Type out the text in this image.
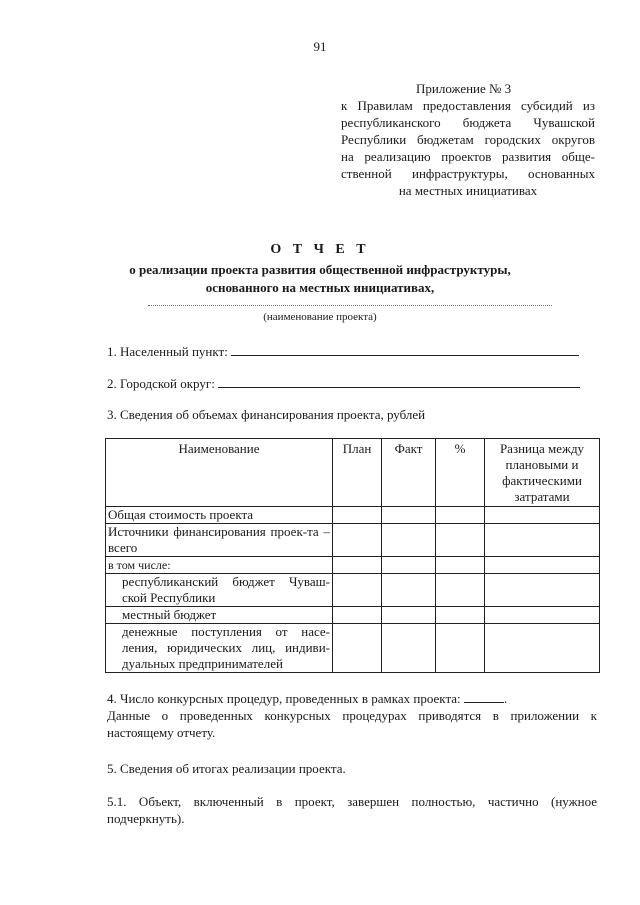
91
Приложение № 3
к Правилам предоставления субсидий из
республиканского бюджета Чувашской
Республики бюджетам городских округов
на реализацию проектов развития обще-
ственной инфраструктуры, основанных
на местных инициативах
О Т Ч Е Т
о реализации проекта развития общественной инфраструктуры,
основанного на местных инициативах,
(наименование проекта)
1. Населенный пункт:
2. Городской округ:
3. Сведения об объемах финансирования проекта, рублей
Наименование	План	Факт	%	Разница между плановыми и фактическими затратами
Общая стоимость проекта				
Источники финансирования проек-та – всего				
в том числе:				
республиканский бюджет Чуваш-ской Республики				
местный бюджет				
денежные поступления от насе-ления, юридических лиц, индиви-дуальных предпринимателей				
4. Число конкурсных процедур, проведенных в рамках проекта:	.
Данные о проведенных конкурсных процедурах приводятся в приложении к настоящему отчету.
5. Сведения об итогах реализации проекта.
5.1. Объект, включенный в проект, завершен полностью, частично (нужное подчеркнуть).
